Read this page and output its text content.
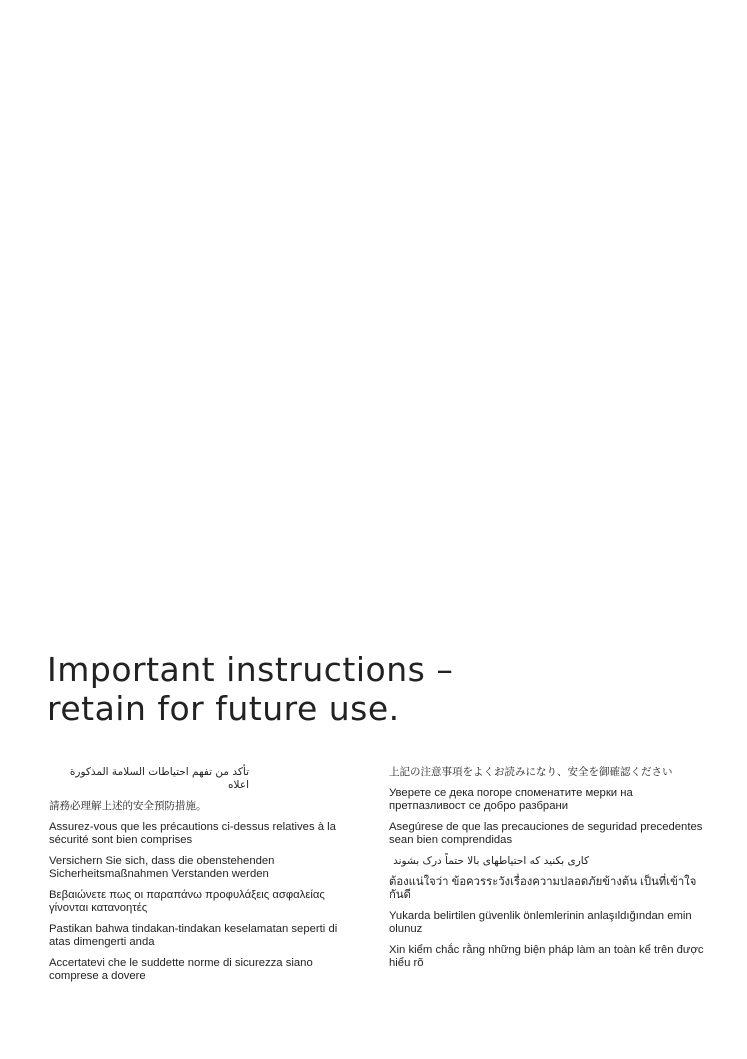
Important instructions –
retain for future use.

تأكد من تفهم احتياطات السلامة المذكورة اعلاه

請務必理解上述的安全預防措施。

Assurez-vous que les précautions ci-dessus relatives à la sécurité sont bien comprises

Versichern Sie sich, dass die obenstehenden Sicherheitsmaßnahmen Verstanden werden

Βεβαιώνετε πως οι παραπάνω προφυλάξεις ασφαλείας γίνονται κατανοητές

Pastikan bahwa tindakan-tindakan keselamatan seperti di atas dimengerti anda

Accertatevi che le suddette norme di sicurezza siano comprese a dovere

上記の注意事項をよくお読みになり、安全を御確認ください

Уверете се дека погоре споменатите мерки на претпазливост се добро разбрани

Asegúrese de que las precauciones de seguridad precedentes sean bien comprendidas

کاری بکنید که احتیاطهای بالا حتماً درک بشوند

ต้องแน่ใจว่า ข้อควรระวังเรื่องความปลอดภัยข้างต้น เป็นที่เข้าใจกันดี

Yukarda belirtilen güvenlik önlemlerinin anlaşıldığından emin olunuz

Xin kiểm chắc rằng những biện pháp làm an toàn kể trên được hiểu rõ
